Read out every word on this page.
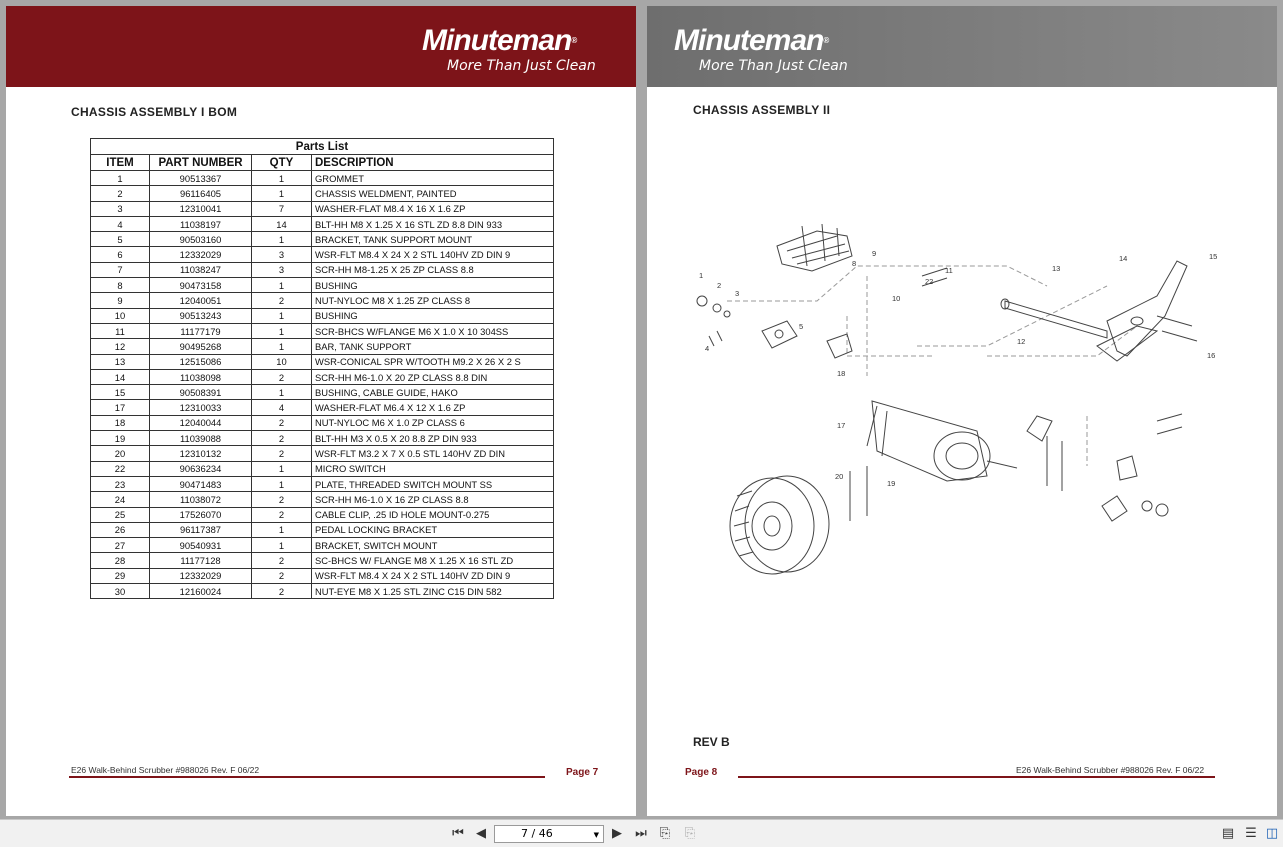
Minuteman®
More Than Just Clean
CHASSIS ASSEMBLY I BOM
Parts List			
ITEM	PART NUMBER	QTY	DESCRIPTION
1	90513367	1	GROMMET
2	96116405	1	CHASSIS WELDMENT, PAINTED
3	12310041	7	WASHER-FLAT M8.4 X 16 X 1.6 ZP
4	11038197	14	BLT-HH M8 X 1.25 X 16 STL ZD 8.8 DIN 933
5	90503160	1	BRACKET, TANK SUPPORT MOUNT
6	12332029	3	WSR-FLT M8.4 X 24 X 2 STL 140HV ZD DIN 9
7	11038247	3	SCR-HH M8-1.25 X 25 ZP CLASS 8.8
8	90473158	1	BUSHING
9	12040051	2	NUT-NYLOC M8 X 1.25 ZP CLASS 8
10	90513243	1	BUSHING
11	11177179	1	SCR-BHCS W/FLANGE M6 X 1.0 X 10 304SS
12	90495268	1	BAR, TANK SUPPORT
13	12515086	10	WSR-CONICAL SPR W/TOOTH M9.2 X 26 X 2 S
14	11038098	2	SCR-HH M6-1.0 X 20 ZP CLASS 8.8 DIN
15	90508391	1	BUSHING, CABLE GUIDE, HAKO
17	12310033	4	WASHER-FLAT M6.4 X 12 X 1.6 ZP
18	12040044	2	NUT-NYLOC M6 X 1.0 ZP CLASS 6
19	11039088	2	BLT-HH M3 X 0.5 X 20 8.8 ZP DIN 933
20	12310132	2	WSR-FLT M3.2 X 7 X 0.5 STL 140HV ZD DIN
22	90636234	1	MICRO SWITCH
23	90471483	1	PLATE, THREADED SWITCH MOUNT SS
24	11038072	2	SCR-HH M6-1.0 X 16 ZP CLASS 8.8
25	17526070	2	CABLE CLIP, .25 ID HOLE MOUNT-0.275
26	96117387	1	PEDAL LOCKING BRACKET
27	90540931	1	BRACKET, SWITCH MOUNT
28	11177128	2	SC-BHCS W/ FLANGE M8 X 1.25 X 16 STL ZD
29	12332029	2	WSR-FLT M8.4 X 24 X 2 STL 140HV ZD DIN 9
30	12160024	2	NUT-EYE M8 X 1.25 STL ZINC C15 DIN 582
E26 Walk-Behind Scrubber #988026 Rev. F 06/22	Page 7
Minuteman®
More Than Just Clean
CHASSIS ASSEMBLY II
1
2
3
4
5
8
9
10
11
12
13
14	15
16
17
18
19
20
22
REV B
Page 8	E26 Walk-Behind Scrubber #988026 Rev. F 06/22
⏮ ◀	7 / 46	▼	▶	⏭ ⎘ ⎘	▤ ☰ ◫
